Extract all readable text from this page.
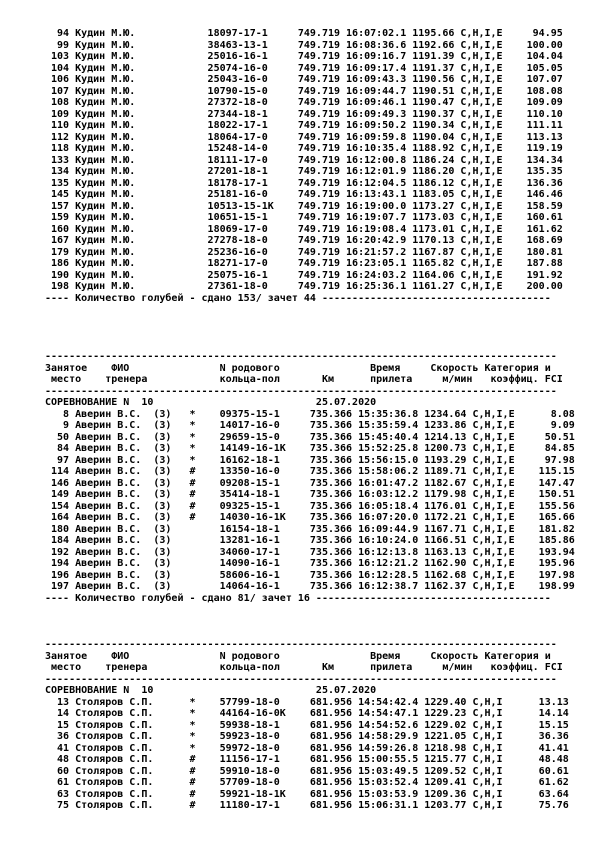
94 Кудин М.Ю.            18097-17-1     749.719 16:07:02.1 1195.66 C,H,I,E     94.95
99 Кудин М.Ю.            38463-13-1     749.719 16:08:36.6 1192.66 C,H,I,E    100.00
103 Кудин М.Ю.            25016-16-1     749.719 16:09:16.7 1191.39 C,H,I,E    104.04
104 Кудин М.Ю.            25074-16-0     749.719 16:09:17.4 1191.37 C,H,I,E    105.05
106 Кудин М.Ю.            25043-16-0     749.719 16:09:43.3 1190.56 C,H,I,E    107.07
107 Кудин М.Ю.            10790-15-0     749.719 16:09:44.7 1190.51 C,H,I,E    108.08
108 Кудин М.Ю.            27372-18-0     749.719 16:09:46.1 1190.47 C,H,I,E    109.09
109 Кудин М.Ю.            27344-18-1     749.719 16:09:49.3 1190.37 C,H,I,E    110.10
110 Кудин М.Ю.            18022-17-1     749.719 16:09:50.2 1190.34 C,H,I,E    111.11
112 Кудин М.Ю.            18064-17-0     749.719 16:09:59.8 1190.04 C,H,I,E    113.13
118 Кудин М.Ю.            15248-14-0     749.719 16:10:35.4 1188.92 C,H,I,E    119.19
133 Кудин М.Ю.            18111-17-0     749.719 16:12:00.8 1186.24 C,H,I,E    134.34
134 Кудин М.Ю.            27201-18-1     749.719 16:12:01.9 1186.20 C,H,I,E    135.35
135 Кудин М.Ю.            18178-17-1     749.719 16:12:04.5 1186.12 C,H,I,E    136.36
145 Кудин М.Ю.            25181-16-0     749.719 16:13:43.1 1183.05 C,H,I,E    146.46
157 Кудин М.Ю.            10513-15-1K    749.719 16:19:00.0 1173.27 C,H,I,E    158.59
159 Кудин М.Ю.            10651-15-1     749.719 16:19:07.7 1173.03 C,H,I,E    160.61
160 Кудин М.Ю.            18069-17-0     749.719 16:19:08.4 1173.01 C,H,I,E    161.62
167 Кудин М.Ю.            27278-18-0     749.719 16:20:42.9 1170.13 C,H,I,E    168.69
179 Кудин М.Ю.            25236-16-0     749.719 16:21:57.2 1167.87 C,H,I,E    180.81
186 Кудин М.Ю.            18271-17-0     749.719 16:23:05.1 1165.82 C,H,I,E    187.88
190 Кудин М.Ю.            25075-16-1     749.719 16:24:03.2 1164.06 C,H,I,E    191.92
198 Кудин М.Ю.            27361-18-0     749.719 16:25:36.1 1161.27 C,H,I,E    200.00
---- Количество голубей - сдано 153/ зачет 44 --------------------------------------
-------------------------------------------------------------------------------------
Занятое    ФИО               N родового               Время     Скорость Категория и
место    тренера            кольца-пол       Км      прилета     м/мин   коэффиц. FCI
-------------------------------------------------------------------------------------
СОРЕВНОВАНИЕ N  10                           25.07.2020
8 Аверин В.С.  (З)   *    09375-15-1     735.366 15:35:36.8 1234.64 C,H,I,E      8.08
9 Аверин В.С.  (З)   *    14017-16-0     735.366 15:35:59.4 1233.86 C,H,I,E      9.09
50 Аверин В.С.  (З)   *    29659-15-0     735.366 15:45:40.4 1214.13 C,H,I,E     50.51
84 Аверин В.С.  (З)   *    14149-16-1K    735.366 15:52:25.8 1200.73 C,H,I,E     84.85
97 Аверин В.С.  (З)   *    16162-18-1     735.366 15:56:15.0 1193.29 C,H,I,E     97.98
114 Аверин В.С.  (З)   #    13350-16-0     735.366 15:58:06.2 1189.71 C,H,I,E    115.15
146 Аверин В.С.  (З)   #    09208-15-1     735.366 16:01:47.2 1182.67 C,H,I,E    147.47
149 Аверин В.С.  (З)   #    35414-18-1     735.366 16:03:12.2 1179.98 C,H,I,E    150.51
154 Аверин В.С.  (З)   #    09325-15-1     735.366 16:05:18.4 1176.01 C,H,I,E    155.56
164 Аверин В.С.  (З)   #    14030-16-1K    735.366 16:07:20.0 1172.21 C,H,I,E    165.66
180 Аверин В.С.  (З)        16154-18-1     735.366 16:09:44.9 1167.71 C,H,I,E    181.82
184 Аверин В.С.  (З)        13281-16-1     735.366 16:10:24.0 1166.51 C,H,I,E    185.86
192 Аверин В.С.  (З)        34060-17-1     735.366 16:12:13.8 1163.13 C,H,I,E    193.94
194 Аверин В.С.  (З)        14090-16-1     735.366 16:12:21.2 1162.90 C,H,I,E    195.96
196 Аверин В.С.  (З)        58606-16-1     735.366 16:12:28.5 1162.68 C,H,I,E    197.98
197 Аверин В.С.  (З)        14064-16-1     735.366 16:12:38.7 1162.37 C,H,I,E    198.99
---- Количество голубей - сдано 81/ зачет 16 ---------------------------------------
-------------------------------------------------------------------------------------
Занятое    ФИО               N родового               Время     Скорость Категория и
место    тренера            кольца-пол       Км      прилета     м/мин   коэффиц. FCI
-------------------------------------------------------------------------------------
СОРЕВНОВАНИЕ N  10                           25.07.2020
13 Столяров С.П.      *    57799-18-0     681.956 14:54:42.4 1229.40 C,H,I      13.13
14 Столяров С.П.      *    44164-16-0K    681.956 14:54:47.1 1229.23 C,H,I      14.14
15 Столяров С.П.      *    59938-18-1     681.956 14:54:52.6 1229.02 C,H,I      15.15
36 Столяров С.П.      *    59923-18-0     681.956 14:58:29.9 1221.05 C,H,I      36.36
41 Столяров С.П.      *    59972-18-0     681.956 14:59:26.8 1218.98 C,H,I      41.41
48 Столяров С.П.      #    11156-17-1     681.956 15:00:55.5 1215.77 C,H,I      48.48
60 Столяров С.П.      #    59910-18-0     681.956 15:03:49.5 1209.52 C,H,I      60.61
61 Столяров С.П.      #    57709-18-0     681.956 15:03:52.4 1209.41 C,H,I      61.62
63 Столяров С.П.      #    59921-18-1K    681.956 15:03:53.9 1209.36 C,H,I      63.64
75 Столяров С.П.      #    11180-17-1     681.956 15:06:31.1 1203.77 C,H,I      75.76
